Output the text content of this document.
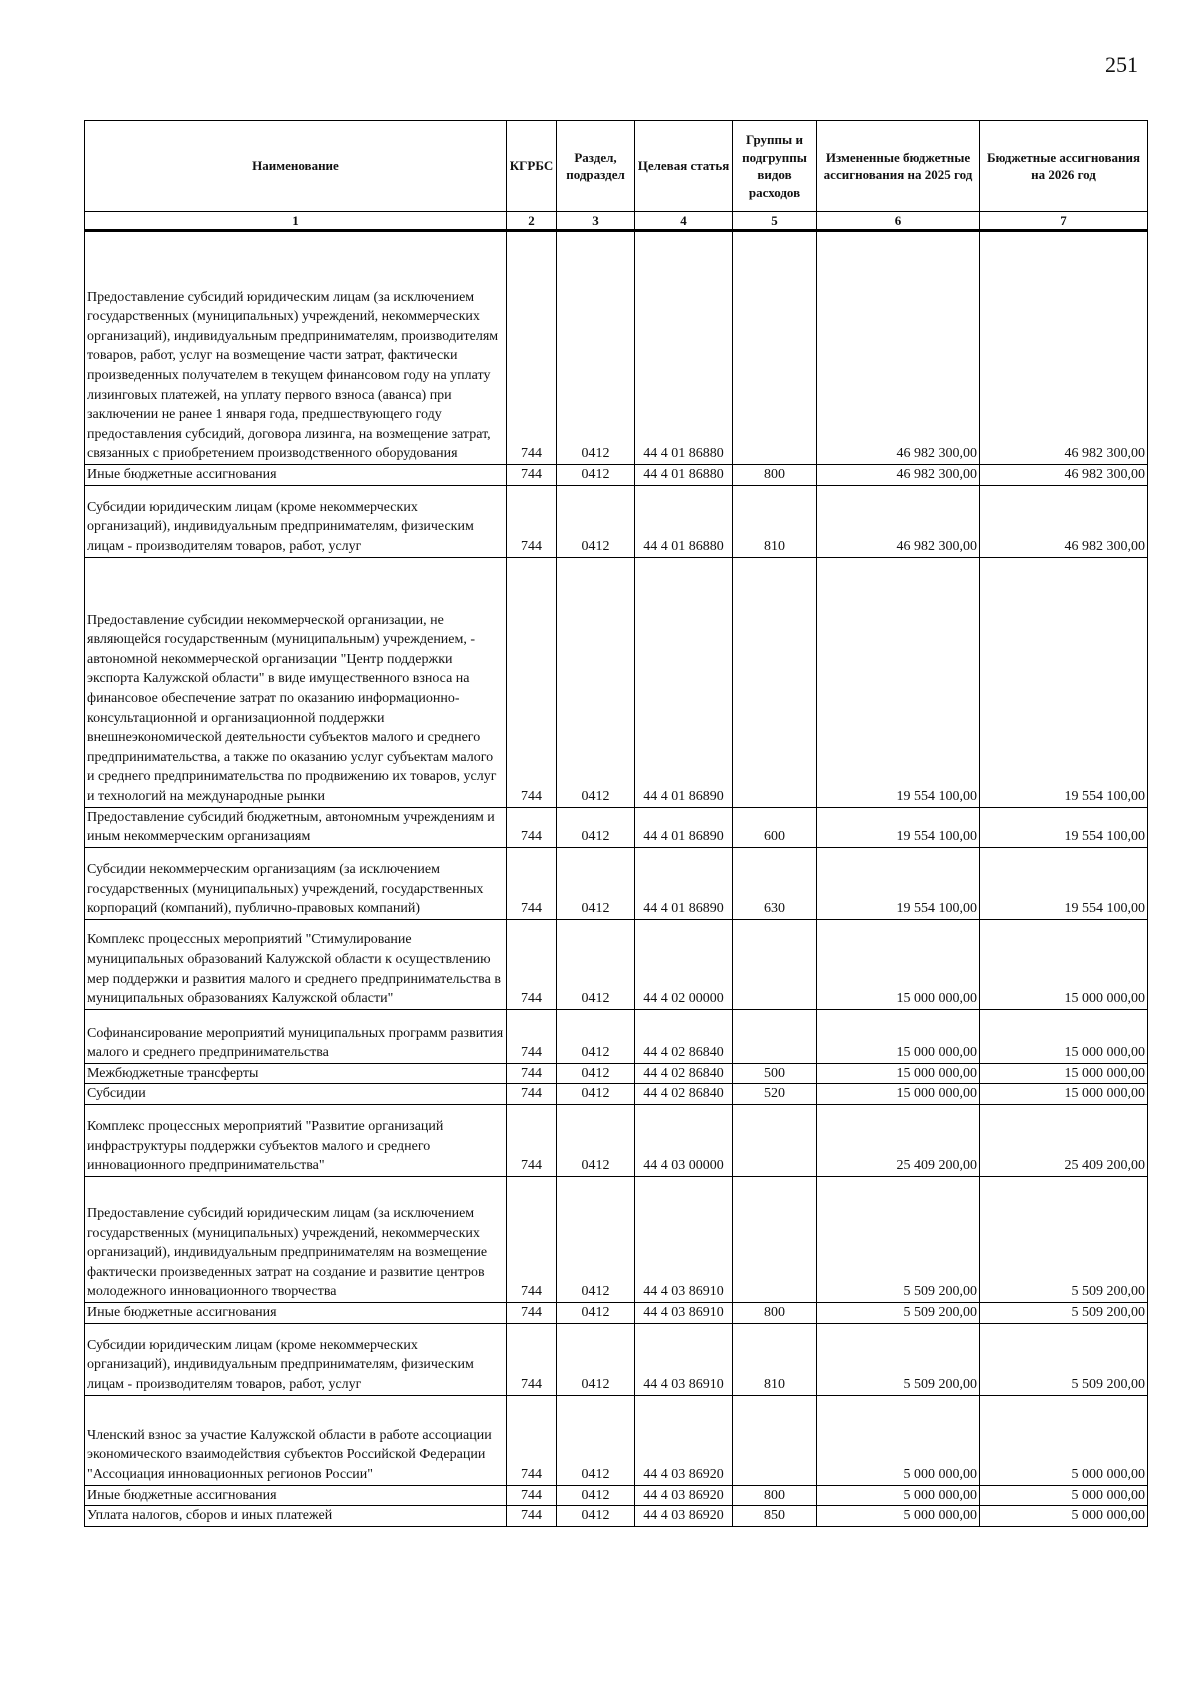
251
Наименование	КГРБС	Раздел, подраздел	Целевая статья	Группы и подгруппы видов расходов	Измененные бюджетные ассигнования на 2025 год	Бюджетные ассигнования на 2026 год
1	2	3	4	5	6	7
Предоставление субсидий юридическим лицам (за исключением государственных (муниципальных) учреждений, некоммерческих организаций), индивидуальным предпринимателям, производителям товаров, работ, услуг на возмещение части затрат, фактически произведенных получателем в текущем финансовом году на уплату лизинговых платежей, на уплату первого взноса (аванса) при заключении не ранее 1 января года, предшествующего году предоставления субсидий, договора лизинга, на возмещение затрат, связанных с приобретением производственного оборудования	744	0412	44 4 01 86880		46 982 300,00	46 982 300,00
Иные бюджетные ассигнования	744	0412	44 4 01 86880	800	46 982 300,00	46 982 300,00
Субсидии юридическим лицам (кроме некоммерческих организаций), индивидуальным предпринимателям, физическим лицам - производителям товаров, работ, услуг	744	0412	44 4 01 86880	810	46 982 300,00	46 982 300,00
Предоставление субсидии некоммерческой организации, не являющейся государственным (муниципальным) учреждением, - автономной некоммерческой организации "Центр поддержки экспорта Калужской области" в виде имущественного взноса на финансовое обеспечение затрат по оказанию информационно-консультационной и организационной поддержки внешнеэкономической деятельности субъектов малого и среднего предпринимательства, а также по оказанию услуг субъектам малого и среднего предпринимательства по продвижению их товаров, услуг и технологий на международные рынки	744	0412	44 4 01 86890		19 554 100,00	19 554 100,00
Предоставление субсидий бюджетным, автономным учреждениям и иным некоммерческим организациям	744	0412	44 4 01 86890	600	19 554 100,00	19 554 100,00
Субсидии некоммерческим организациям (за исключением государственных (муниципальных) учреждений, государственных корпораций (компаний), публично-правовых компаний)	744	0412	44 4 01 86890	630	19 554 100,00	19 554 100,00
Комплекс процессных мероприятий "Стимулирование муниципальных образований Калужской области к осуществлению мер поддержки и развития малого и среднего предпринимательства в муниципальных образованиях Калужской области"	744	0412	44 4 02 00000		15 000 000,00	15 000 000,00
Софинансирование мероприятий муниципальных программ развития малого и среднего предпринимательства	744	0412	44 4 02 86840		15 000 000,00	15 000 000,00
Межбюджетные трансферты	744	0412	44 4 02 86840	500	15 000 000,00	15 000 000,00
Субсидии	744	0412	44 4 02 86840	520	15 000 000,00	15 000 000,00
Комплекс процессных мероприятий "Развитие организаций инфраструктуры поддержки субъектов малого и среднего инновационного предпринимательства"	744	0412	44 4 03 00000		25 409 200,00	25 409 200,00
Предоставление субсидий юридическим лицам (за исключением государственных (муниципальных) учреждений, некоммерческих организаций), индивидуальным предпринимателям на возмещение фактически произведенных затрат на создание и развитие центров молодежного инновационного творчества	744	0412	44 4 03 86910		5 509 200,00	5 509 200,00
Иные бюджетные ассигнования	744	0412	44 4 03 86910	800	5 509 200,00	5 509 200,00
Субсидии юридическим лицам (кроме некоммерческих организаций), индивидуальным предпринимателям, физическим лицам - производителям товаров, работ, услуг	744	0412	44 4 03 86910	810	5 509 200,00	5 509 200,00
Членский взнос за участие Калужской области в работе ассоциации экономического взаимодействия субъектов Российской Федерации "Ассоциация инновационных регионов России"	744	0412	44 4 03 86920		5 000 000,00	5 000 000,00
Иные бюджетные ассигнования	744	0412	44 4 03 86920	800	5 000 000,00	5 000 000,00
Уплата налогов, сборов и иных платежей	744	0412	44 4 03 86920	850	5 000 000,00	5 000 000,00
